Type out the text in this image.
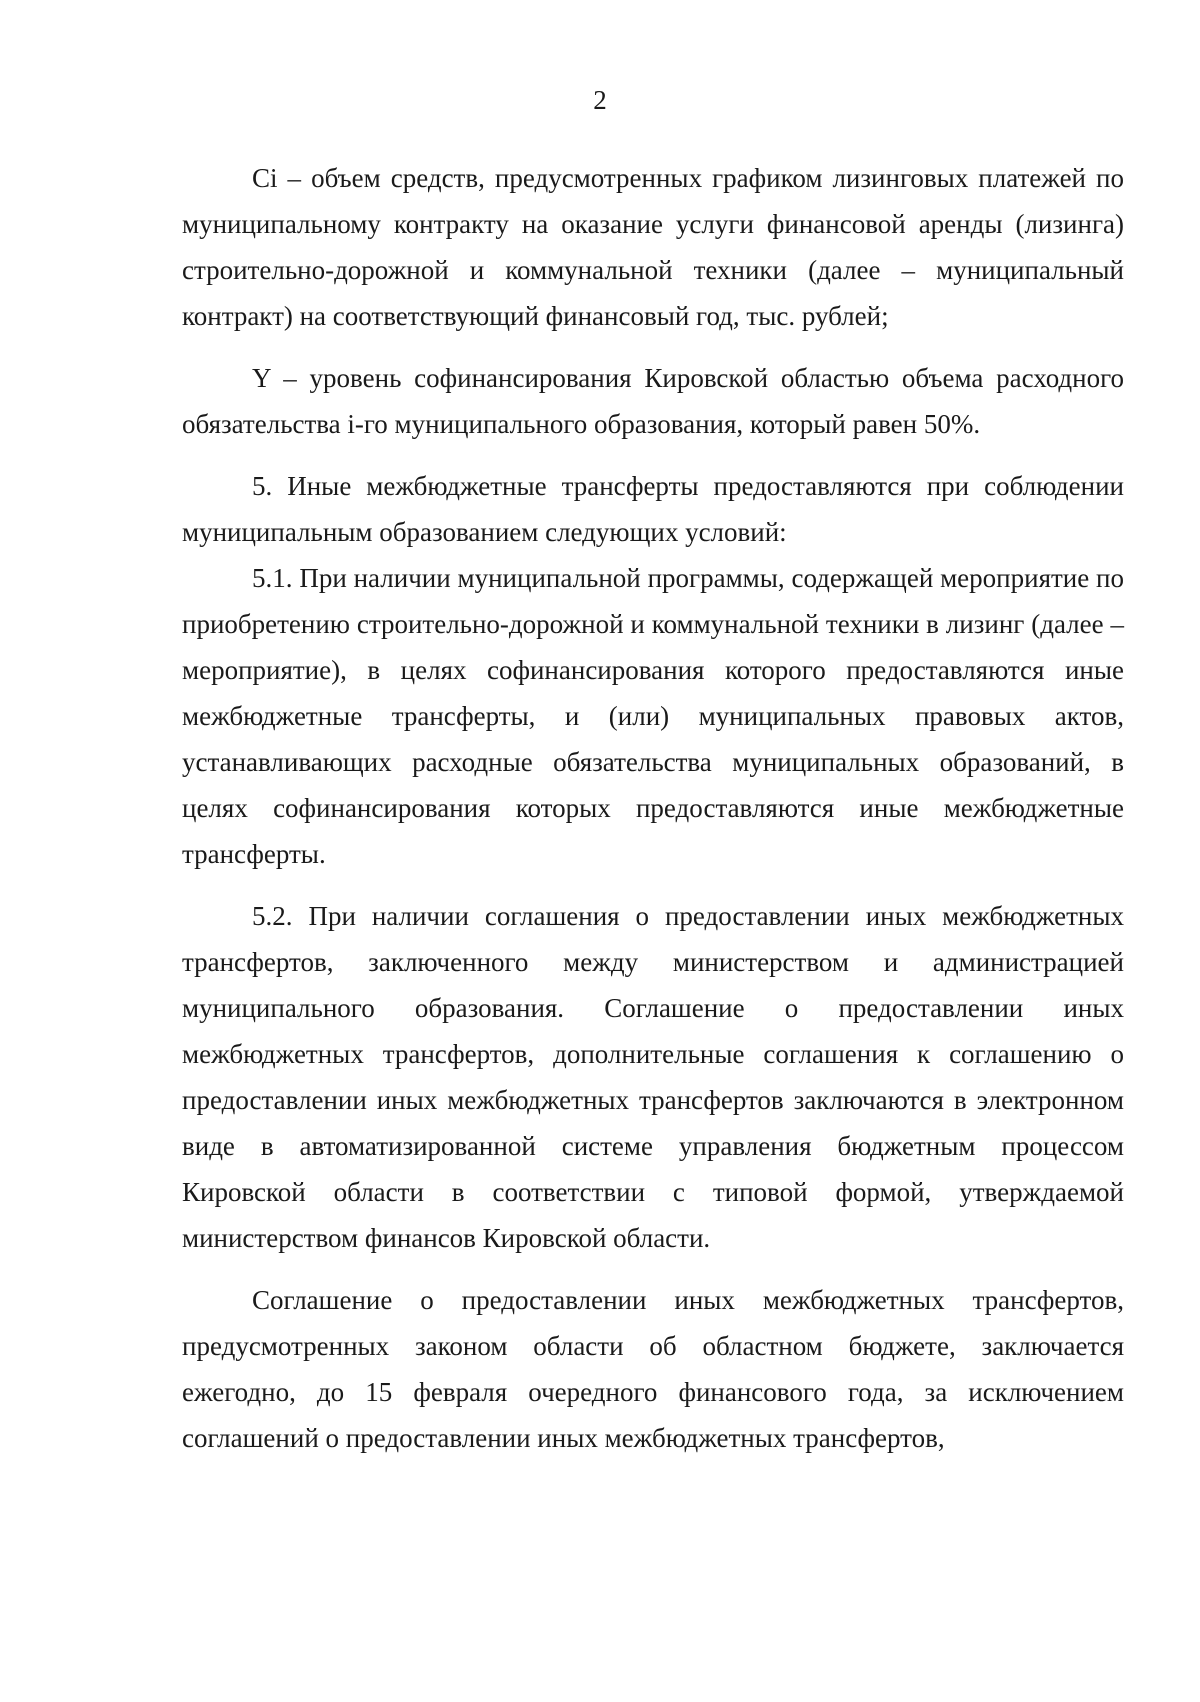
2

Ci – объем средств, предусмотренных графиком лизинговых платежей по муниципальному контракту на оказание услуги финансовой аренды (лизинга) строительно-дорожной и коммунальной техники (далее – муниципальный контракт) на соответствующий финансовый год, тыс. рублей;

Y – уровень софинансирования Кировской областью объема расходного обязательства i-го муниципального образования, который равен 50%.

5. Иные межбюджетные трансферты предоставляются при соблюдении муниципальным образованием следующих условий:

5.1. При наличии муниципальной программы, содержащей мероприятие по приобретению строительно-дорожной и коммунальной техники в лизинг (далее – мероприятие), в целях софинансирования которого предоставляются иные межбюджетные трансферты, и (или) муниципальных правовых актов, устанавливающих расходные обязательства муниципальных образований, в целях софинансирования которых предоставляются иные межбюджетные трансферты.

5.2. При наличии соглашения о предоставлении иных межбюджетных трансфертов, заключенного между министерством и администрацией муниципального образования. Соглашение о предоставлении иных межбюджетных трансфертов, дополнительные соглашения к соглашению о предоставлении иных межбюджетных трансфертов заключаются в электронном виде в автоматизированной системе управления бюджетным процессом Кировской области в соответствии с типовой формой, утверждаемой министерством финансов Кировской области.

Соглашение о предоставлении иных межбюджетных трансфертов, предусмотренных законом области об областном бюджете, заключается ежегодно, до 15 февраля очередного финансового года, за исключением соглашений о предоставлении иных межбюджетных трансфертов,
